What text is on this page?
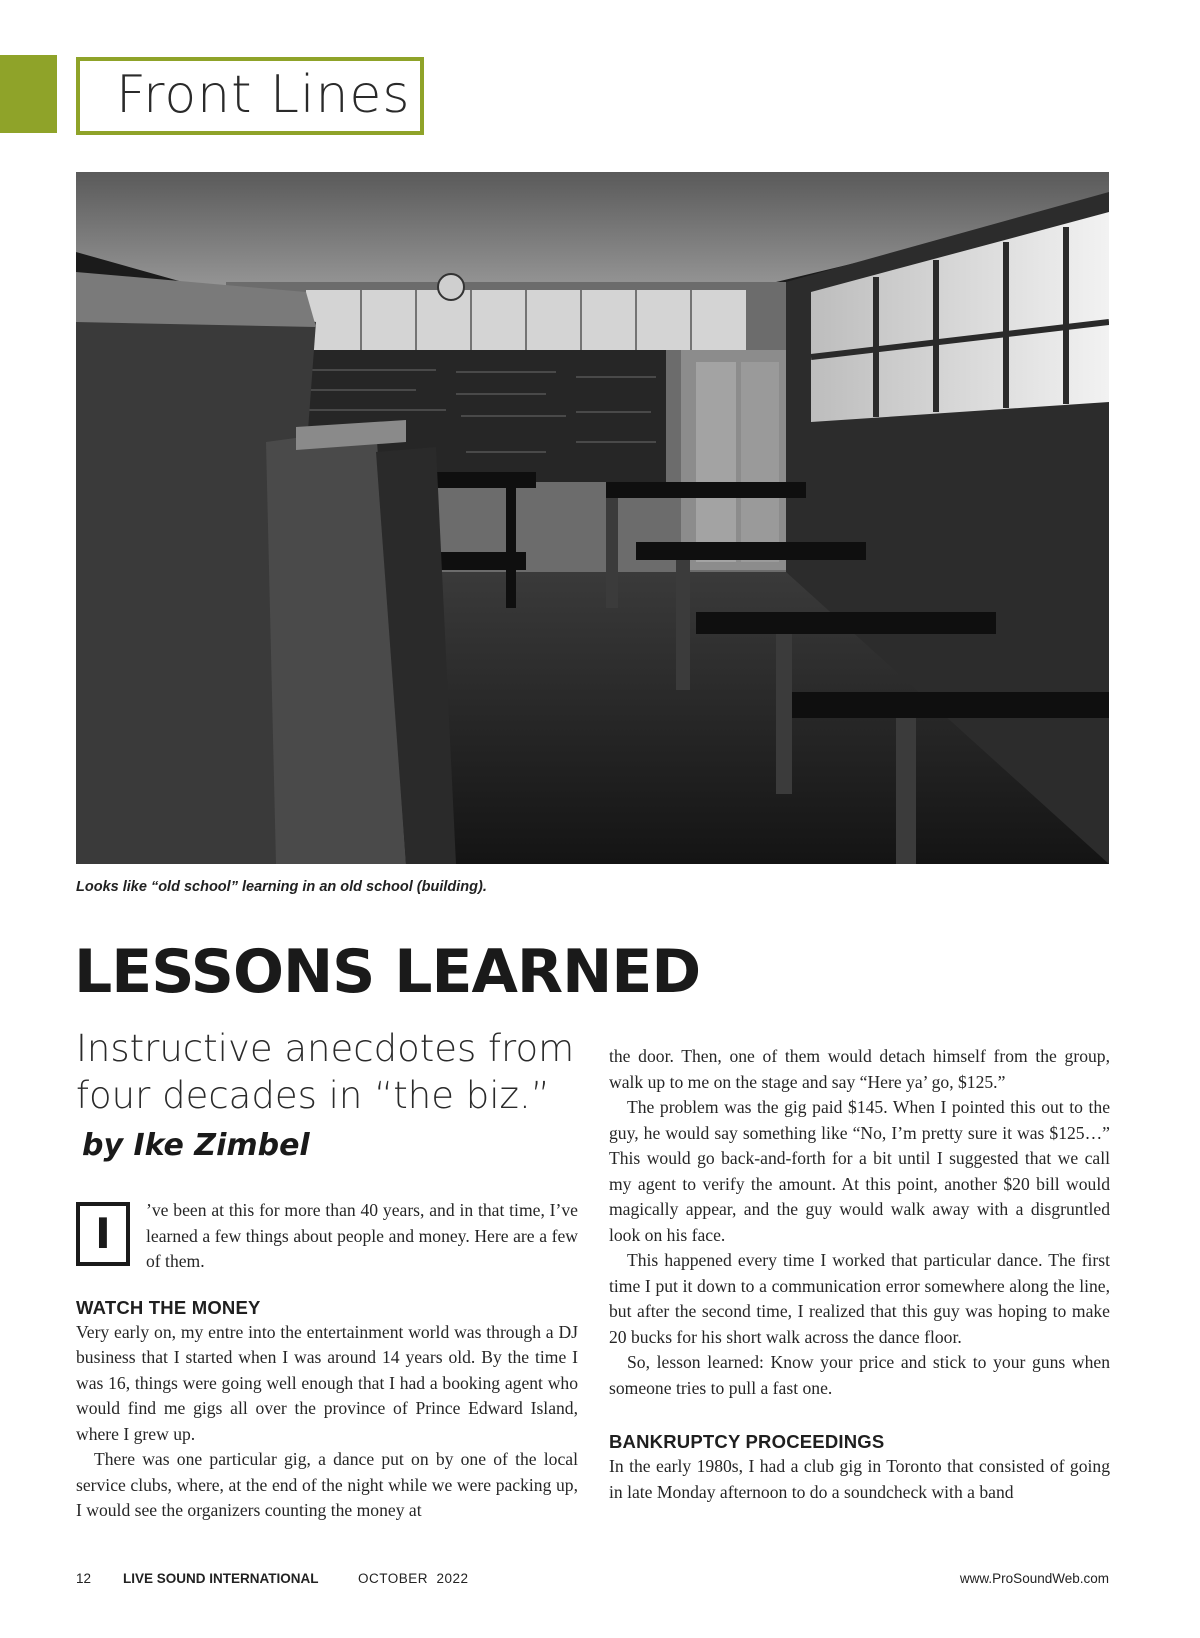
Front Lines
Looks like “old school” learning in an old school (building).
LESSONS LEARNED
Instructive anecdotes from four decades in “the biz.” by Ike Zimbel
I	’ve been at this for more than 40 years, and in that time, I’ve learned a few things about people and money. Here are a few of them.

WATCH THE MONEY

Very early on, my entre into the entertainment world was through a DJ business that I started when I was around 14 years old. By the time I was 16, things were going well enough that I had a booking agent who would find me gigs all over the province of Prince Edward Island, where I grew up.

There was one particular gig, a dance put on by one of the local service clubs, where, at the end of the night while we were packing up, I would see the organizers counting the money at

the door. Then, one of them would detach himself from the group, walk up to me on the stage and say “Here ya’ go, $125.”

The problem was the gig paid $145. When I pointed this out to the guy, he would say something like “No, I’m pretty sure it was $125…” This would go back-and-forth for a bit until I suggested that we call my agent to verify the amount. At this point, another $20 bill would magically appear, and the guy would walk away with a disgruntled look on his face.

This happened every time I worked that particular dance. The first time I put it down to a communication error somewhere along the line, but after the second time, I realized that this guy was hoping to make 20 bucks for his short walk across the dance floor.

So, lesson learned: Know your price and stick to your guns when someone tries to pull a fast one.

BANKRUPTCY PROCEEDINGS

In the early 1980s, I had a club gig in Toronto that consisted of going in late Monday afternoon to do a soundcheck with a band

12 LIVE SOUND INTERNATIONAL	OCTOBER  2022	www.ProSoundWeb.com
